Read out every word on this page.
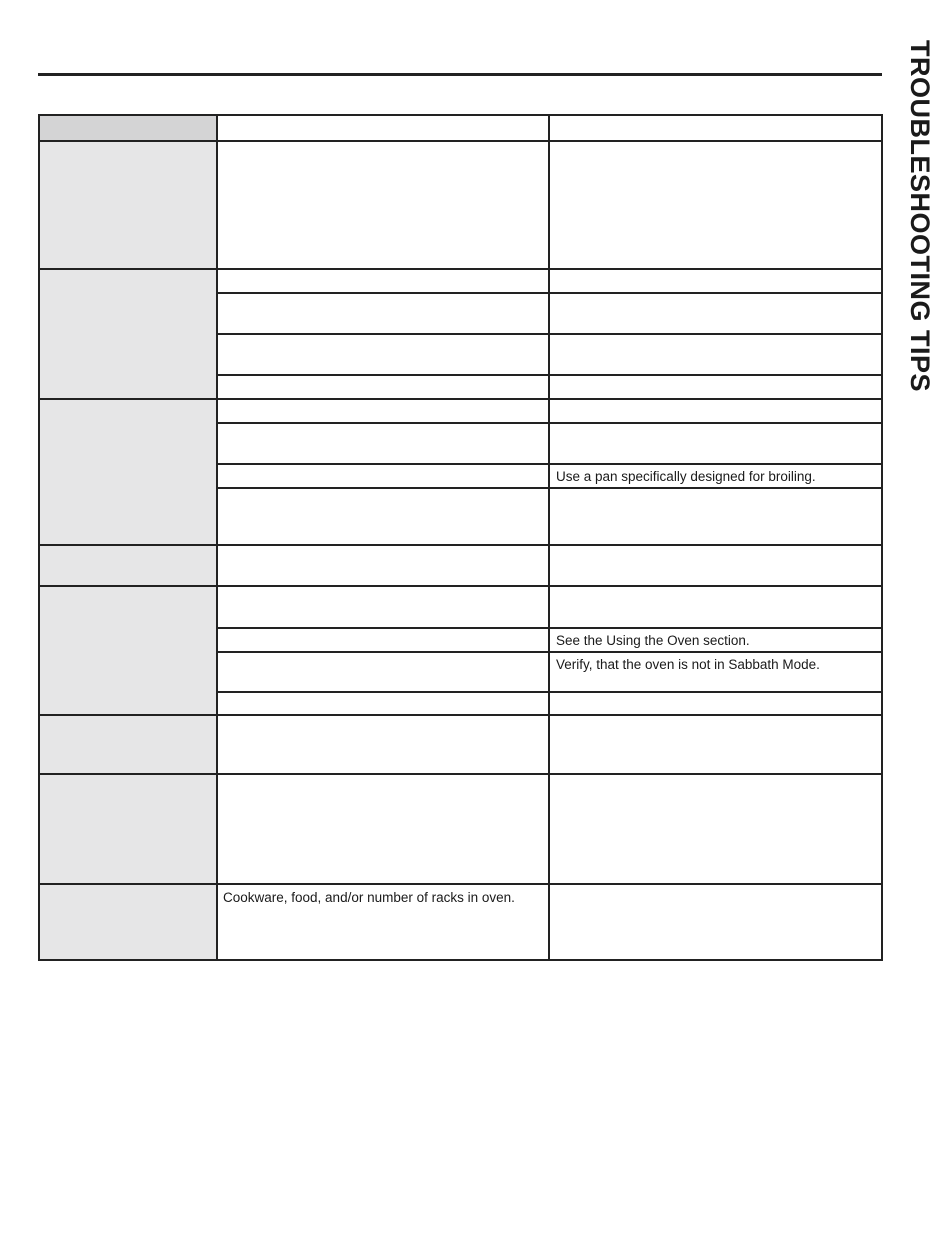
TROUBLESHOOTING TIPS
Use a pan specifically designed for broiling.
See the Using the Oven section.
Verify, that the oven is not in Sabbath Mode.
Cookware, food, and/or number of racks in oven.
